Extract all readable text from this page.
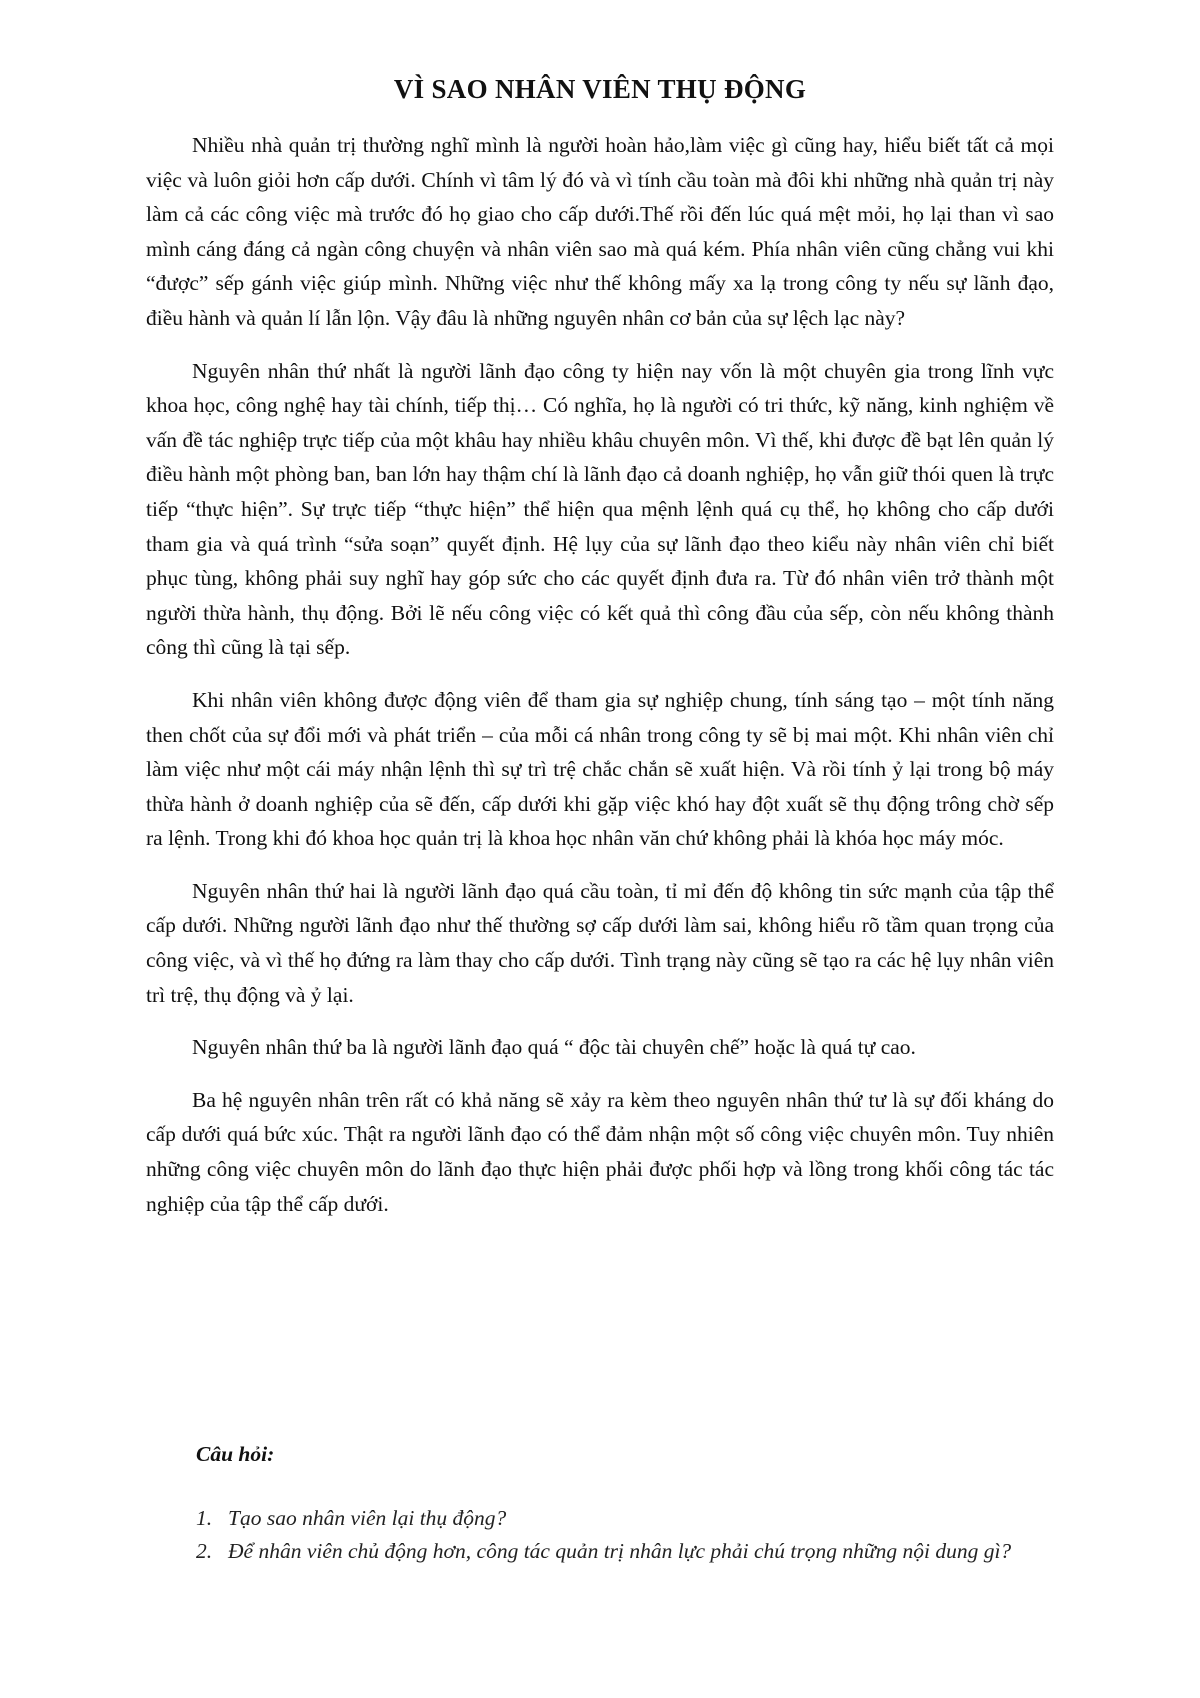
VÌ SAO NHÂN VIÊN THỤ ĐỘNG

Nhiều nhà quản trị thường nghĩ mình là người hoàn hảo,làm việc gì cũng hay, hiểu biết tất cả mọi việc và luôn giỏi hơn cấp dưới. Chính vì tâm lý đó và vì tính cầu toàn mà đôi khi những nhà quản trị này làm cả các công việc mà trước đó họ giao cho cấp dưới.Thế rồi đến lúc quá mệt mỏi, họ lại than vì sao mình cáng đáng cả ngàn công chuyện và nhân viên sao mà quá kém. Phía nhân viên cũng chẳng vui khi “được” sếp gánh việc giúp mình. Những việc như thế không mấy xa lạ trong công ty nếu sự lãnh đạo, điều hành và quản lí lẫn lộn. Vậy đâu là những nguyên nhân cơ bản của sự lệch lạc này?

Nguyên nhân thứ nhất là người lãnh đạo công ty hiện nay vốn là một chuyên gia trong lĩnh vực khoa học, công nghệ hay tài chính, tiếp thị… Có nghĩa, họ là người có tri thức, kỹ năng, kinh nghiệm về vấn đề tác nghiệp trực tiếp của một khâu hay nhiều khâu chuyên môn. Vì thế, khi được đề bạt lên quản lý điều hành một phòng ban, ban lớn hay thậm chí là lãnh đạo cả doanh nghiệp, họ vẫn giữ thói quen là trực tiếp “thực hiện”. Sự trực tiếp “thực hiện” thể hiện qua mệnh lệnh quá cụ thể, họ không cho cấp dưới tham gia và quá trình “sửa soạn” quyết định. Hệ lụy của sự lãnh đạo theo kiểu này nhân viên chỉ biết phục tùng, không phải suy nghĩ hay góp sức cho các quyết định đưa ra. Từ đó nhân viên trở thành một người thừa hành, thụ động. Bởi lẽ nếu công việc có kết quả thì công đầu của sếp, còn nếu không thành công thì cũng là tại sếp.

Khi nhân viên không được động viên để tham gia sự nghiệp chung, tính sáng tạo – một tính năng then chốt của sự đổi mới và phát triển – của mỗi cá nhân trong công ty sẽ bị mai một. Khi nhân viên chỉ làm việc như một cái máy nhận lệnh thì sự trì trệ chắc chắn sẽ xuất hiện. Và rồi tính ỷ lại trong bộ máy thừa hành ở doanh nghiệp của sẽ đến, cấp dưới khi gặp việc khó hay đột xuất sẽ thụ động trông chờ sếp ra lệnh. Trong khi đó khoa học quản trị là khoa học nhân văn chứ không phải là khóa học máy móc.

Nguyên nhân thứ hai là người lãnh đạo quá cầu toàn, tỉ mỉ đến độ không tin sức mạnh của tập thể cấp dưới. Những người lãnh đạo như thế thường sợ cấp dưới làm sai, không hiểu rõ tầm quan trọng của công việc, và vì thế họ đứng ra làm thay cho cấp dưới. Tình trạng này cũng sẽ tạo ra các hệ lụy nhân viên trì trệ, thụ động và ỷ lại.

Nguyên nhân thứ ba là người lãnh đạo quá “ độc tài chuyên chế” hoặc là quá tự cao.

Ba hệ nguyên nhân trên rất có khả năng sẽ xảy ra kèm theo nguyên nhân thứ tư là sự đối kháng do cấp dưới quá bức xúc. Thật ra người lãnh đạo có thể đảm nhận một số công việc chuyên môn. Tuy nhiên những công việc chuyên môn do lãnh đạo thực hiện phải được phối hợp và lồng trong khối công tác tác nghiệp của tập thể cấp dưới.

Câu hỏi:
1. Tạo sao nhân viên lại thụ động?
2. Để nhân viên chủ động hơn, công tác quản trị nhân lực phải chú trọng những nội dung gì?
